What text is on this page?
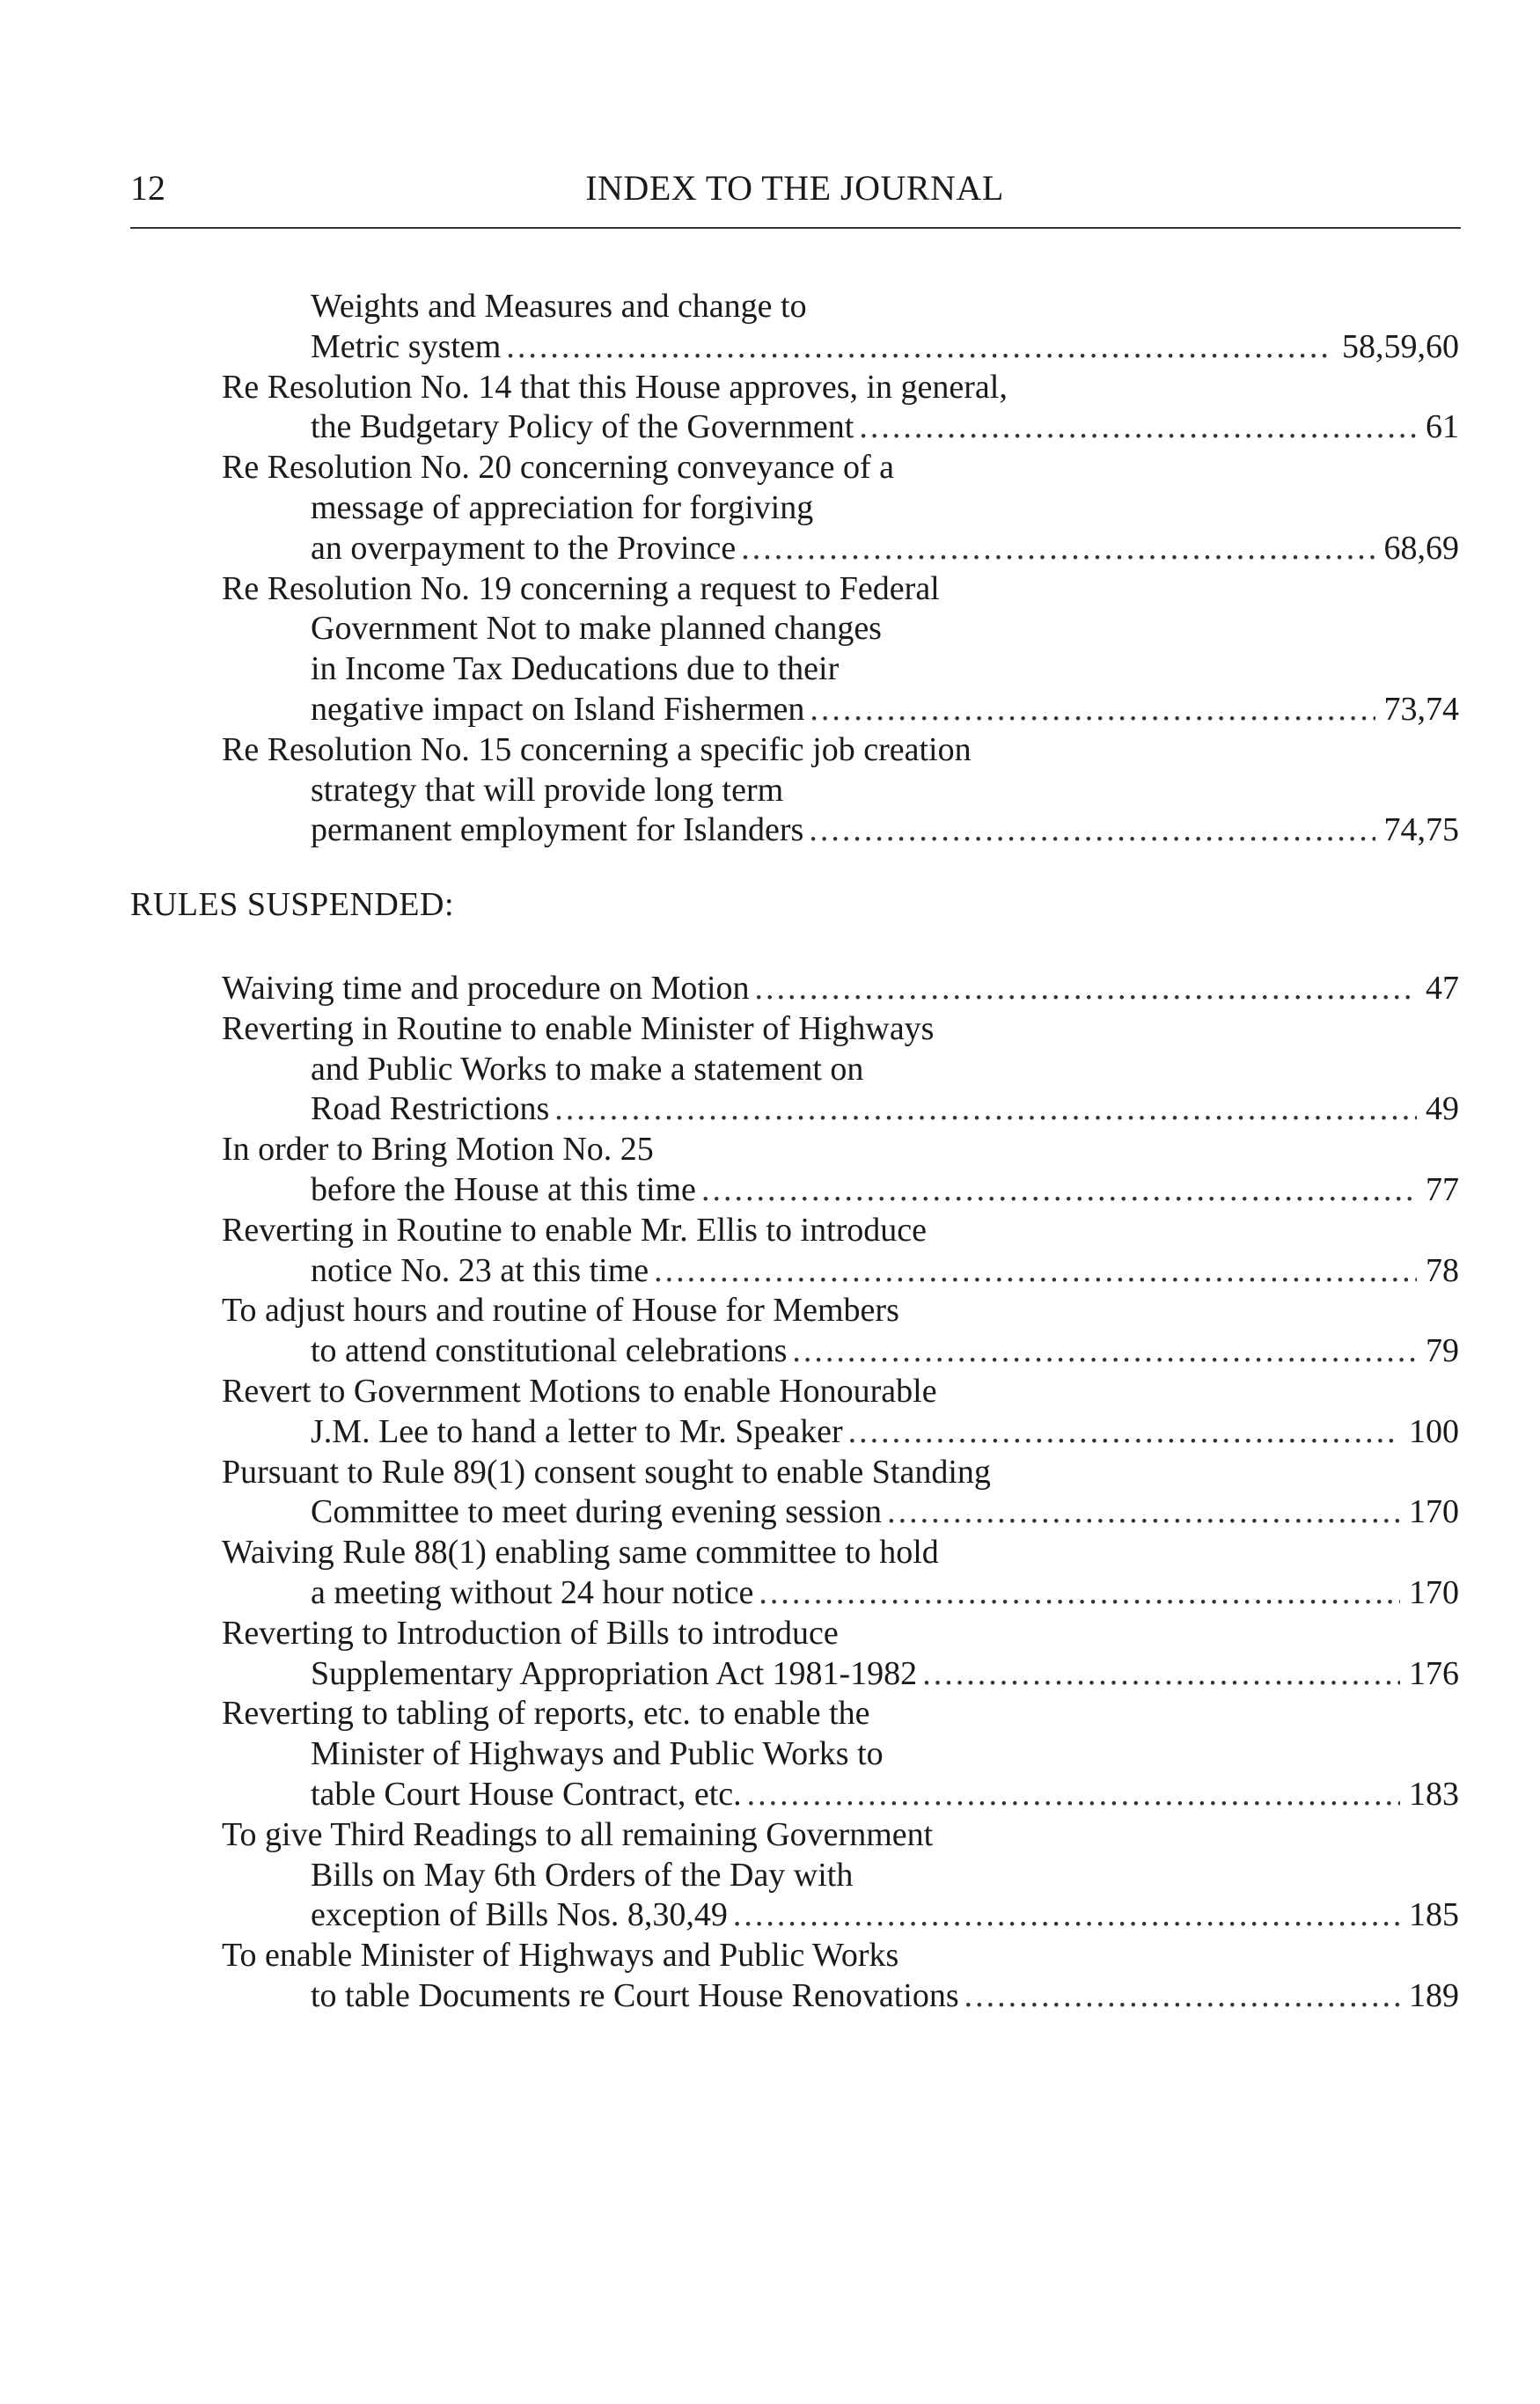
12	INDEX TO THE JOURNAL
Weights and Measures and change to
Metric system .....	58,59,60
Re Resolution No. 14 that this House approves, in general,
the Budgetary Policy of the Government .....	61
Re Resolution No. 20 concerning conveyance of a
message of appreciation for forgiving
an overpayment to the Province .....	68,69
Re Resolution No. 19 concerning a request to Federal
Government Not to make planned changes
in Income Tax Deducations due to their
negative impact on Island Fishermen .....	73,74
Re Resolution No. 15 concerning a specific job creation
strategy that will provide long term
permanent employment for Islanders .....	74,75
RULES SUSPENDED:
Waiving time and procedure on Motion .....	47
Reverting in Routine to enable Minister of Highways
and Public Works to make a statement on
Road Restrictions .....	49
In order to Bring Motion No. 25
before the House at this time .....	77
Reverting in Routine to enable Mr. Ellis to introduce
notice No. 23 at this time .....	78
To adjust hours and routine of House for Members
to attend constitutional celebrations .....	79
Revert to Government Motions to enable Honourable
J.M. Lee to hand a letter to Mr. Speaker .....	100
Pursuant to Rule 89(1) consent sought to enable Standing
Committee to meet during evening session .....	170
Waiving Rule 88(1) enabling same committee to hold
a meeting without 24 hour notice .....	170
Reverting to Introduction of Bills to introduce
Supplementary Appropriation Act 1981-1982 .....	176
Reverting to tabling of reports, etc. to enable the
Minister of Highways and Public Works to
table Court House Contract, etc. .....	183
To give Third Readings to all remaining Government
Bills on May 6th Orders of the Day with
exception of Bills Nos. 8,30,49 .....	185
To enable Minister of Highways and Public Works
to table Documents re Court House Renovations .....	189
